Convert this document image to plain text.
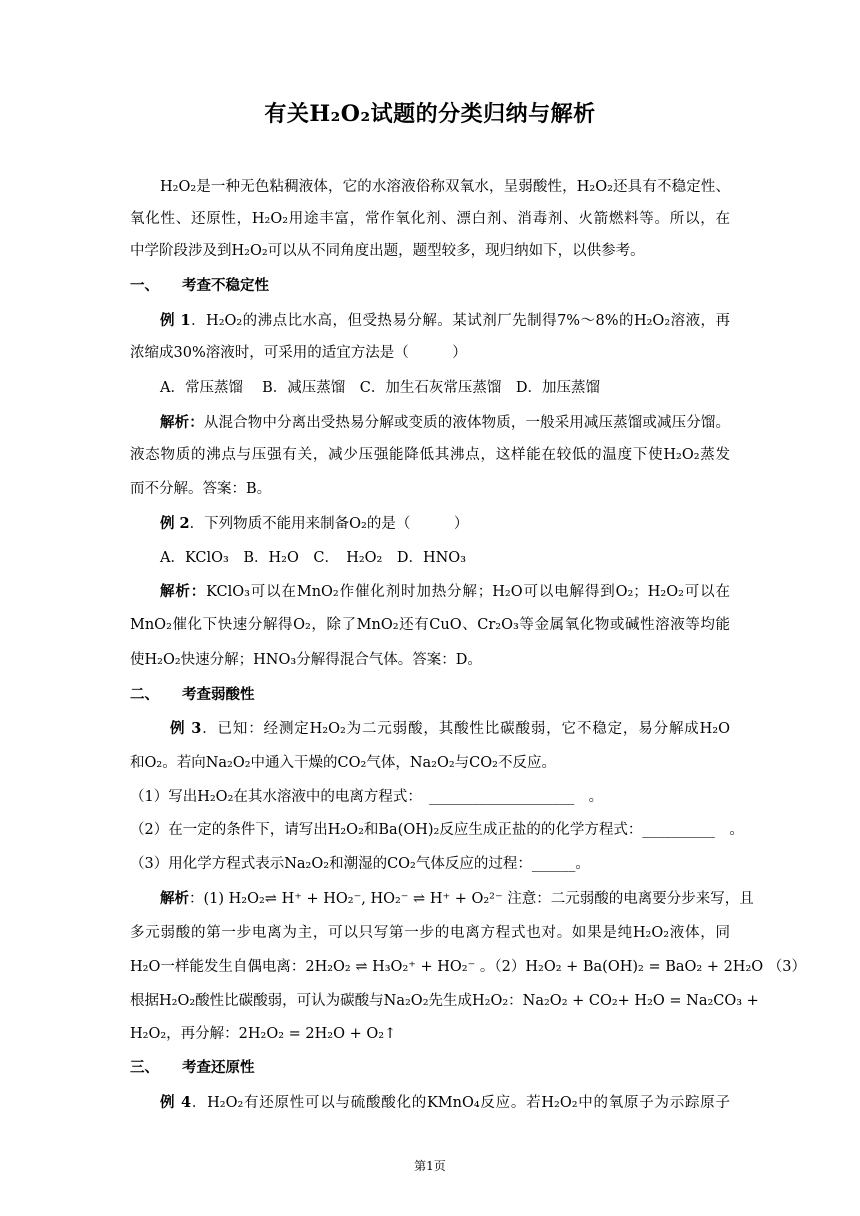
有关H₂O₂试题的分类归纳与解析
H₂O₂是一种无色粘稠液体，它的水溶液俗称双氧水，呈弱酸性，H₂O₂还具有不稳定性、
氧化性、还原性，H₂O₂用途丰富，常作氧化剂、漂白剂、消毒剂、火箭燃料等。所以，在
中学阶段涉及到H₂O₂可以从不同角度出题，题型较多，现归纳如下，以供参考。
一、 考查不稳定性
例 1．H₂O₂的沸点比水高，但受热易分解。某试剂厂先制得7%～8%的H₂O₂溶液，再
浓缩成30%溶液时，可采用的适宜方法是（　　　）
A．常压蒸馏　 B．减压蒸馏　C．加生石灰常压蒸馏　D．加压蒸馏
解析：从混合物中分离出受热易分解或变质的液体物质，一般采用减压蒸馏或减压分馏。
液态物质的沸点与压强有关，减少压强能降低其沸点，这样能在较低的温度下使H₂O₂蒸发
而不分解。答案：B。
例 2．下列物质不能用来制备O₂的是（　　　）
A．KClO₃　B．H₂O　C．　H₂O₂　D．HNO₃
解析：KClO₃可以在MnO₂作催化剂时加热分解；H₂O可以电解得到O₂；H₂O₂可以在
MnO₂催化下快速分解得O₂，除了MnO₂还有CuO、Cr₂O₃等金属氧化物或碱性溶液等均能
使H₂O₂快速分解；HNO₃分解得混合气体。答案：D。
二、 考查弱酸性
例 3．已知：经测定H₂O₂为二元弱酸，其酸性比碳酸弱，它不稳定，易分解成H₂O
和O₂。若向Na₂O₂中通入干燥的CO₂气体，Na₂O₂与CO₂不反应。
（1）写出H₂O₂在其水溶液中的电离方程式：　____________________　。
（2）在一定的条件下，请写出H₂O₂和Ba(OH)₂反应生成正盐的的化学方程式：__________　。
（3）用化学方程式表示Na₂O₂和潮湿的CO₂气体反应的过程：______。
解析：(1) H₂O₂⇌ H⁺ + HO₂⁻, HO₂⁻ ⇌ H⁺ + O₂²⁻ 注意：二元弱酸的电离要分步来写，且
多元弱酸的第一步电离为主，可以只写第一步的电离方程式也对。如果是纯H₂O₂液体，同
H₂O一样能发生自偶电离：2H₂O₂ ⇌ H₃O₂⁺ + HO₂⁻ 。（2）H₂O₂ + Ba(OH)₂ = BaO₂ + 2H₂O （3）
根据H₂O₂酸性比碳酸弱，可认为碳酸与Na₂O₂先生成H₂O₂：Na₂O₂ + CO₂+ H₂O = Na₂CO₃ +
H₂O₂，再分解：2H₂O₂ = 2H₂O + O₂↑
三、 考查还原性
例 4．H₂O₂有还原性可以与硫酸酸化的KMnO₄反应。若H₂O₂中的氧原子为示踪原子
第1页
